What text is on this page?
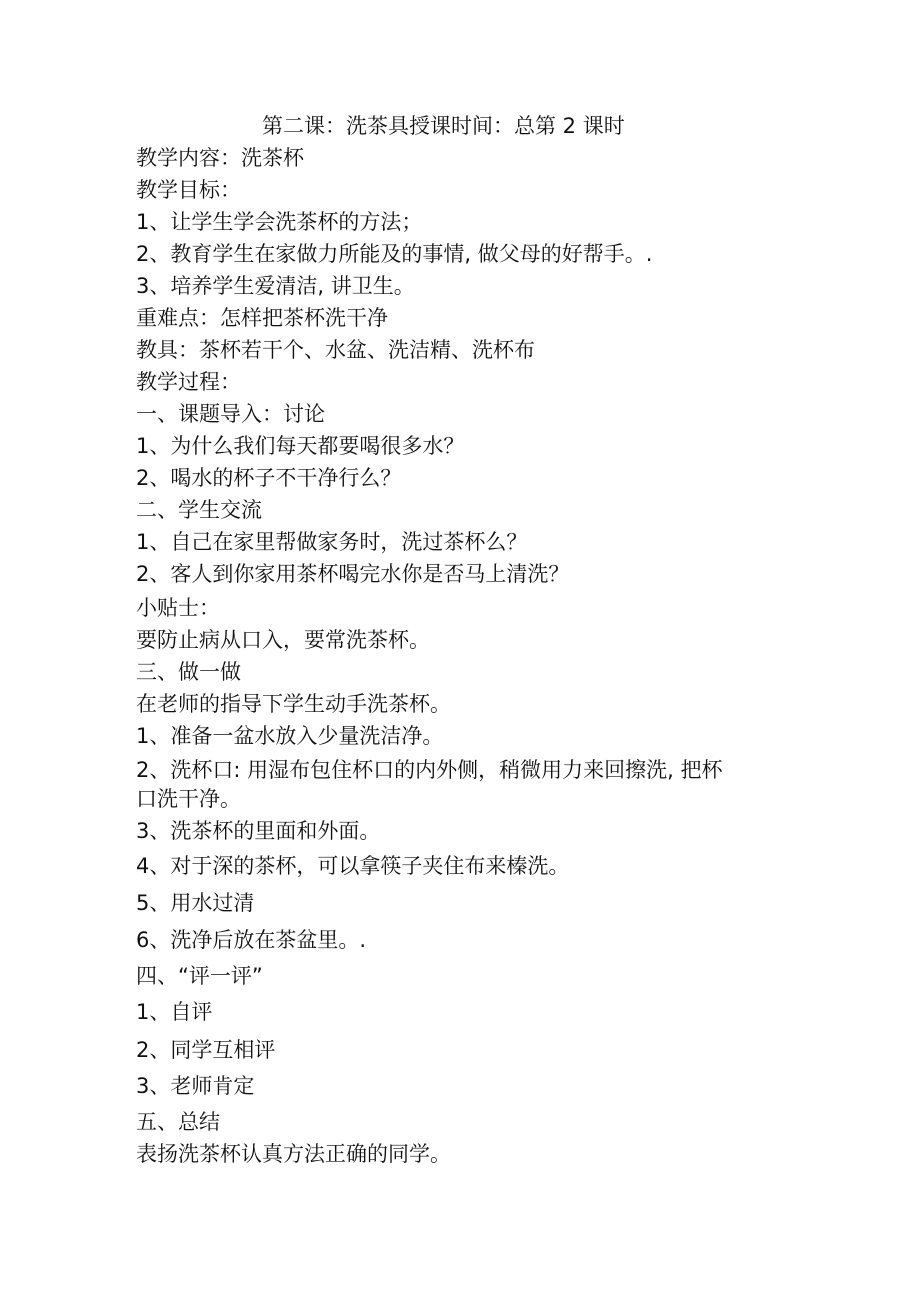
第二课：洗茶具授课时间：总第 2 课时
教学内容：洗茶杯
教学目标：
1、让学生学会洗茶杯的方法；
2、教育学生在家做力所能及的事情, 做父母的好帮手。.
3、培养学生爱清洁, 讲卫生。
重难点：怎样把茶杯洗干净
教具：茶杯若干个、水盆、洗洁精、洗杯布
教学过程：
一、课题导入：讨论
1、为什么我们每天都要喝很多水？
2、喝水的杯子不干净行么？
二、学生交流
1、自己在家里帮做家务时，洗过茶杯么？
2、客人到你家用茶杯喝完水你是否马上清洗？
小贴士：
要防止病从口入，要常洗茶杯。
三、做一做
在老师的指导下学生动手洗茶杯。
1、准备一盆水放入少量洗洁净。
2、洗杯口: 用湿布包住杯口的内外侧，稍微用力来回擦洗, 把杯
口洗干净。
3、洗茶杯的里面和外面。
4、对于深的茶杯，可以拿筷子夹住布来榛洗。
5、用水过清
6、洗净后放在茶盆里。.
四、“评一评”
1、自评
2、同学互相评
3、老师肯定
五、总结
表扬洗茶杯认真方法正确的同学。
